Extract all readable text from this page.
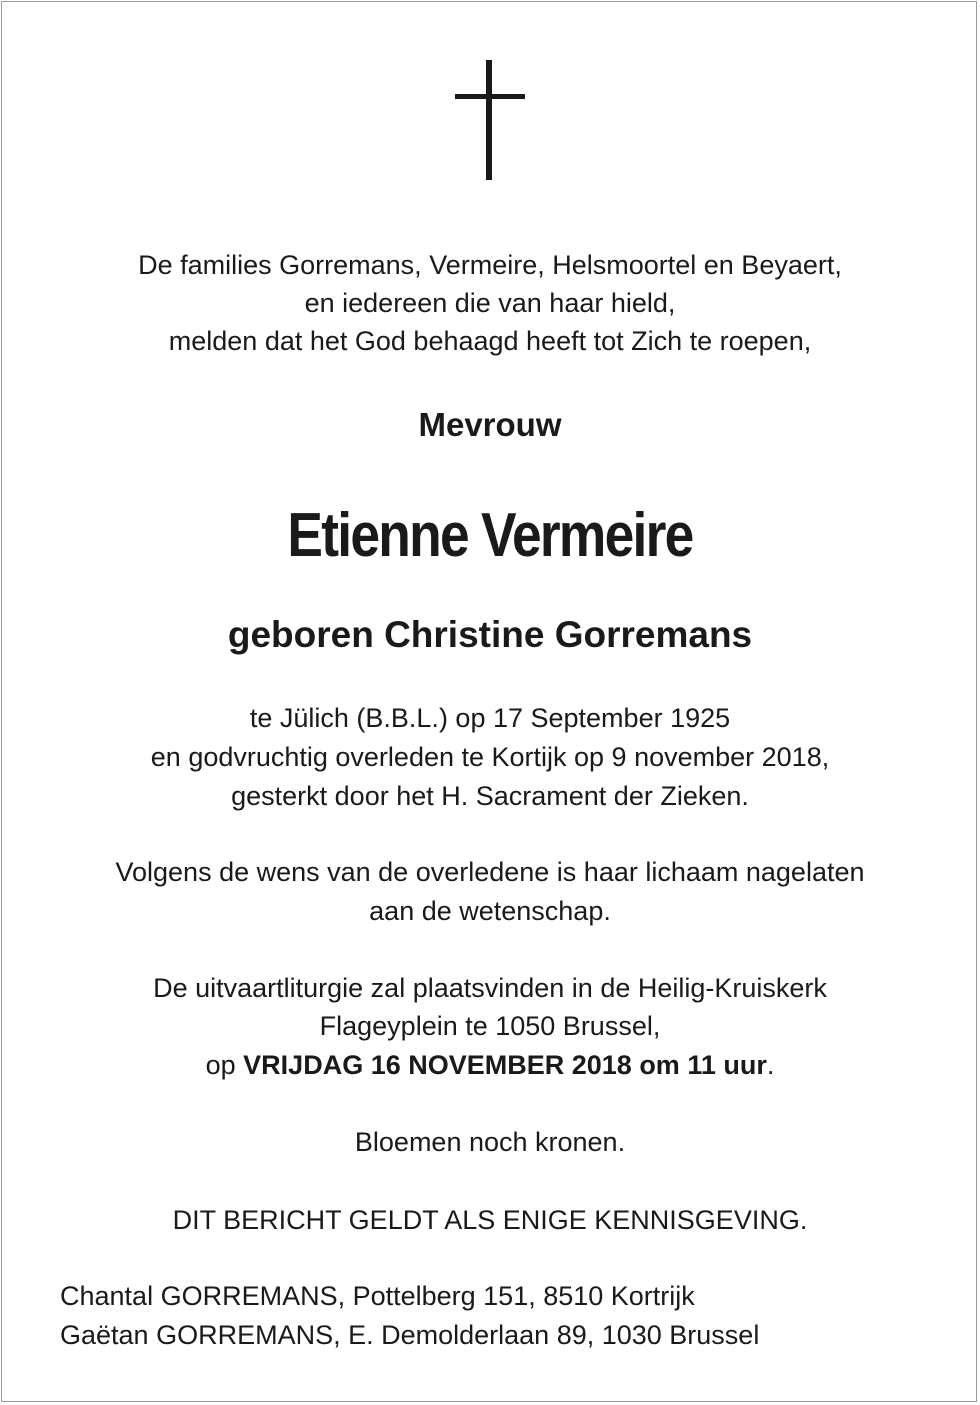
De families Gorremans, Vermeire, Helsmoortel en Beyaert,
en iedereen die van haar hield,
melden dat het God behaagd heeft tot Zich te roepen,
Mevrouw
Etienne Vermeire
geboren Christine Gorremans
te Jülich (B.B.L.) op 17 September 1925
en godvruchtig overleden te Kortijk op 9 november 2018,
gesterkt door het H. Sacrament der Zieken.
Volgens de wens van de overledene is haar lichaam nagelaten
aan de wetenschap.
De uitvaartliturgie zal plaatsvinden in de Heilig-Kruiskerk
Flageyplein te 1050 Brussel,
op VRIJDAG 16 NOVEMBER 2018 om 11 uur.
Bloemen noch kronen.
DIT BERICHT GELDT ALS ENIGE KENNISGEVING.
Chantal GORREMANS, Pottelberg 151, 8510 Kortrijk
Gaëtan GORREMANS, E. Demolderlaan 89, 1030 Brussel
